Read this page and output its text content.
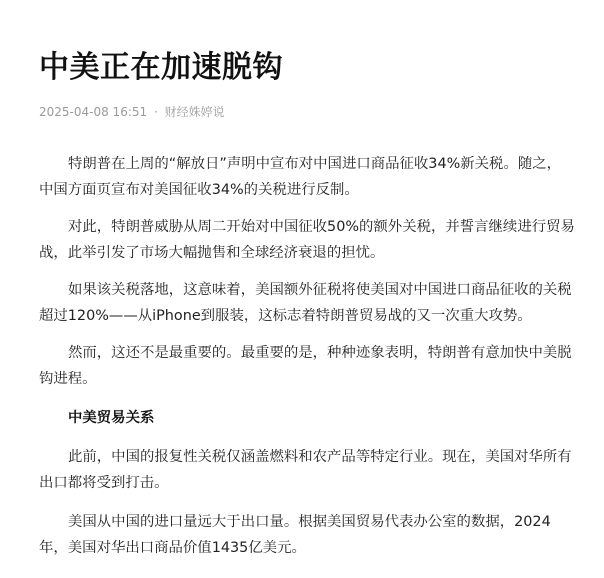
中美正在加速脱钩
2025-04-08 16:51 · 财经姝婷说

特朗普在上周的“解放日”声明中宣布对中国进口商品征收34%新关税。随之，
中国方面页宣布对美国征收34%的关税进行反制。

对此，特朗普威胁从周二开始对中国征收50%的额外关税，并誓言继续进行贸易
战，此举引发了市场大幅抛售和全球经济衰退的担忧。

如果该关税落地，这意味着，美国额外征税将使美国对中国进口商品征收的关税
超过120%——从iPhone到服装，这标志着特朗普贸易战的又一次重大攻势。

然而，这还不是最重要的。最重要的是，种种迹象表明，特朗普有意加快中美脱
钩进程。

中美贸易关系

此前，中国的报复性关税仅涵盖燃料和农产品等特定行业。现在，美国对华所有
出口都将受到打击。

美国从中国的进口量远大于出口量。根据美国贸易代表办公室的数据，2024
年，美国对华出口商品价值1435亿美元。
